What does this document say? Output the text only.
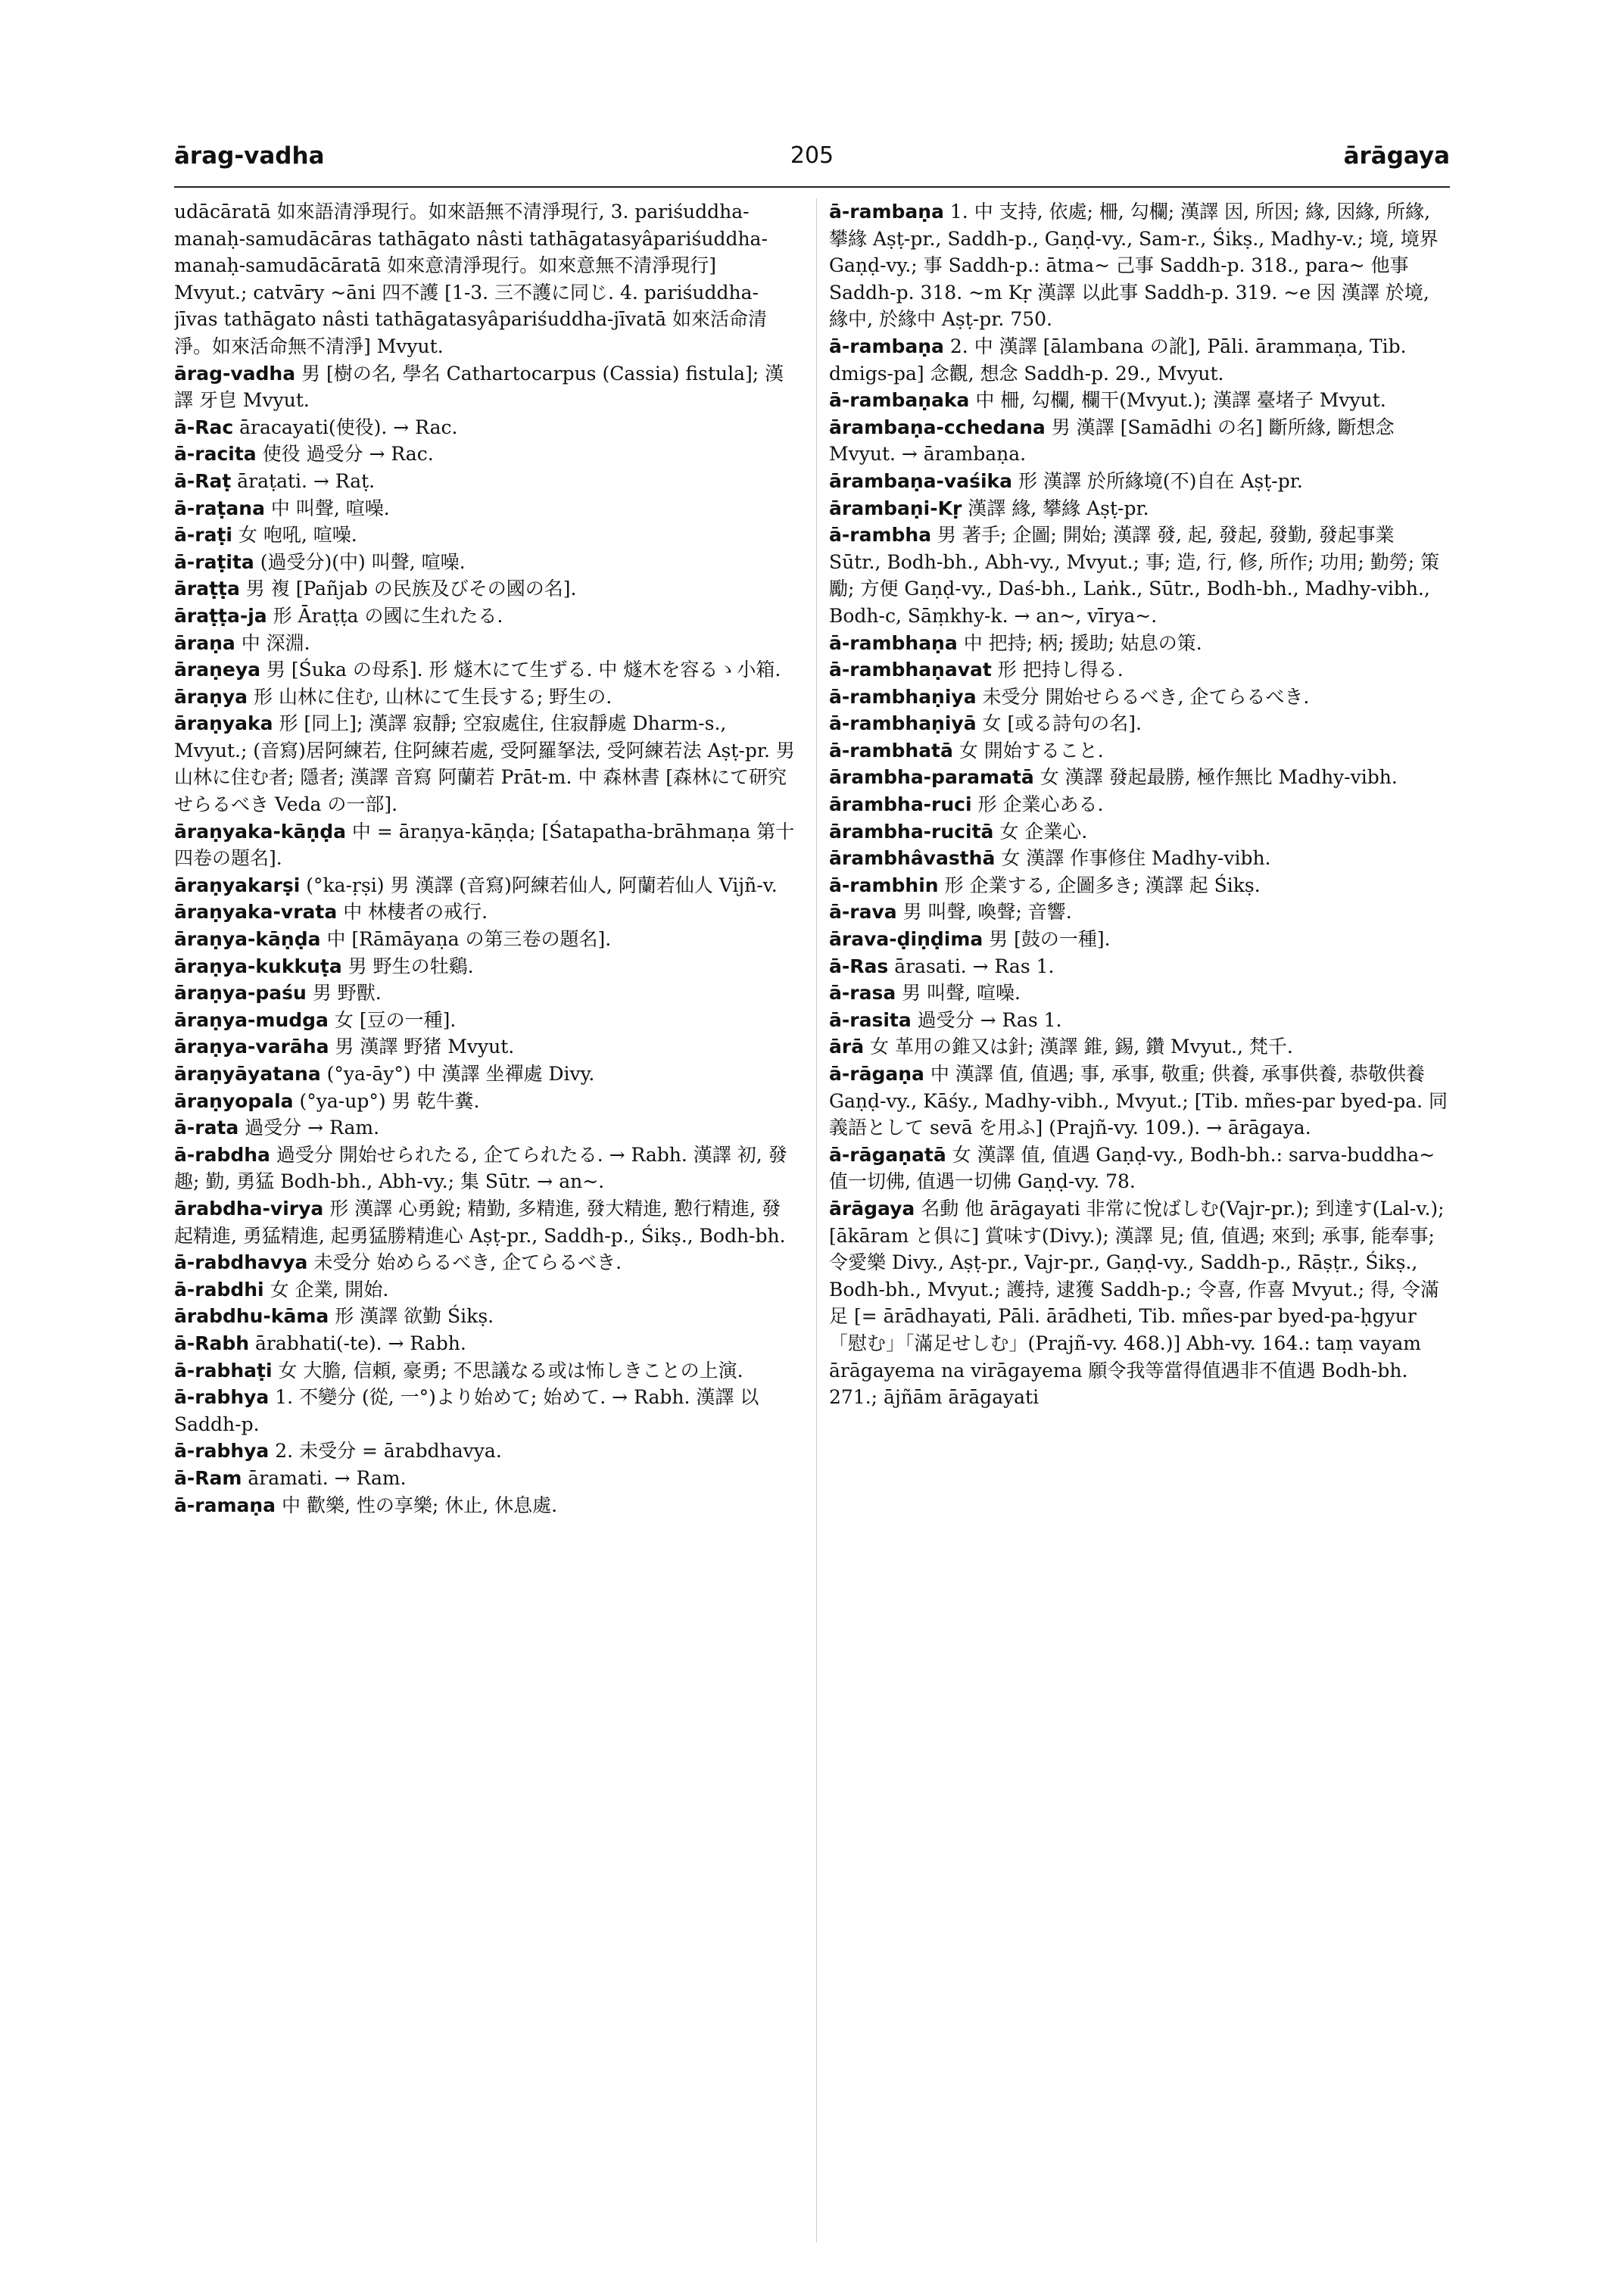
ārag-vadha	205	ārāgaya

udācāratā 如來語清淨現行。如來語無不清淨現行, 3. pariśuddha-manaḥ-samudācāras tathāgato nâsti tathāgatasyâpariśuddha-manaḥ-samudācāratā 如來意清淨現行。如來意無不清淨現行] Mvyut.; catvāry ~āni 四不護 [1-3. 三不護に同じ. 4. pariśuddha-jīvas tathāgato nâsti tathāgatasyâpariśuddha-jīvatā 如來活命清淨。如來活命無不清淨] Mvyut.

ārag-vadha 男 [樹の名, 學名 Cathartocarpus (Cassia) fistula]; 漢譯 牙皀 Mvyut.

ā-Rac āracayati(使役). → Rac.

ā-racita 使役 過受分 → Rac.

ā-Raṭ āraṭati. → Raṭ.

ā-raṭana 中 叫聲, 喧噪.

ā-raṭi 女 咆吼, 喧噪.

ā-raṭita (過受分)(中) 叫聲, 喧噪.

āraṭṭa 男 複 [Pañjab の民族及びその國の名].

āraṭṭa-ja 形 Āraṭṭa の國に生れたる.

āraṇa 中 深淵.

āraṇeya 男 [Śuka の母系]. 形 燧木にて生ずる. 中 燧木を容るゝ小箱.

āraṇya 形 山林に住む, 山林にて生長する; 野生の.

āraṇyaka 形 [同上]; 漢譯 寂靜; 空寂處住, 住寂靜處 Dharm-s., Mvyut.; (音寫)居阿練若, 住阿練若處, 受阿羅拏法, 受阿練若法 Aṣṭ-pr. 男 山林に住む者; 隱者; 漢譯 音寫 阿蘭若 Prāt-m. 中 森林書 [森林にて研究せらるべき Veda の一部].

āraṇyaka-kāṇḍa 中 = āraṇya-kāṇḍa; [Śatapatha-brāhmaṇa 第十四卷の題名].

āraṇyakarṣi (°ka-ṛṣi) 男 漢譯 (音寫)阿練若仙人, 阿蘭若仙人 Vijñ-v.

āraṇyaka-vrata 中 林棲者の戒行.

āraṇya-kāṇḍa 中 [Rāmāyaṇa の第三卷の題名].

āraṇya-kukkuṭa 男 野生の牡鷄.

āraṇya-paśu 男 野獸.

āraṇya-mudga 女 [豆の一種].

āraṇya-varāha 男 漢譯 野猪 Mvyut.

āraṇyāyatana (°ya-āy°) 中 漢譯 坐禪處 Divy.

āraṇyopala (°ya-up°) 男 乾牛糞.

ā-rata 過受分 → Ram.

ā-rabdha 過受分 開始せられたる, 企てられたる. → Rabh. 漢譯 初, 發趣; 勤, 勇猛 Bodh-bh., Abh-vy.; 集 Sūtr. → an~.

ārabdha-virya 形 漢譯 心勇銳; 精勤, 多精進, 發大精進, 懃行精進, 發起精進, 勇猛精進, 起勇猛勝精進心 Aṣṭ-pr., Saddh-p., Śikṣ., Bodh-bh.

ā-rabdhavya 未受分 始めらるべき, 企てらるべき.

ā-rabdhi 女 企業, 開始.

ārabdhu-kāma 形 漢譯 欲勤 Śikṣ.

ā-Rabh ārabhati(-te). → Rabh.

ā-rabhaṭi 女 大膽, 信頼, 豪勇; 不思議なる或は怖しきことの上演.

ā-rabhya 1. 不變分 (從, 一°)より始めて; 始めて. → Rabh. 漢譯 以 Saddh-p.

ā-rabhya 2. 未受分 = ārabdhavya.

ā-Ram āramati. → Ram.

ā-ramaṇa 中 歡樂, 性の享樂; 休止, 休息處.

ā-rambaṇa 1. 中 支持, 依處; 柵, 勾欄; 漢譯 因, 所因; 緣, 因緣, 所緣, 攀緣 Aṣṭ-pr., Saddh-p., Gaṇḍ-vy., Sam-r., Śikṣ., Madhy-v.; 境, 境界 Gaṇḍ-vy.; 事 Saddh-p.: ātma~ 己事 Saddh-p. 318., para~ 他事 Saddh-p. 318. ~m Kṛ 漢譯 以此事 Saddh-p. 319. ~e 因 漢譯 於境, 緣中, 於緣中 Aṣṭ-pr. 750.

ā-rambaṇa 2. 中 漢譯 [ālambana の訛], Pāli. ārammaṇa, Tib. dmigs-pa] 念觀, 想念 Saddh-p. 29., Mvyut.

ā-rambaṇaka 中 柵, 勾欄, 欄干(Mvyut.); 漢譯 臺堵子 Mvyut.

ārambaṇa-cchedana 男 漢譯 [Samādhi の名] 斷所緣, 斷想念 Mvyut. → ārambaṇa.

ārambaṇa-vaśika 形 漢譯 於所緣境(不)自在 Aṣṭ-pr.

ārambaṇi-Kṛ 漢譯 緣, 攀緣 Aṣṭ-pr.

ā-rambha 男 著手; 企圖; 開始; 漢譯 發, 起, 發起, 發勤, 發起事業 Sūtr., Bodh-bh., Abh-vy., Mvyut.; 事; 造, 行, 修, 所作; 功用; 勤勞; 策勵; 方便 Gaṇḍ-vy., Daś-bh., Laṅk., Sūtr., Bodh-bh., Madhy-vibh., Bodh-c, Sāṃkhy-k. → an~, vīrya~.

ā-rambhaṇa 中 把持; 柄; 援助; 姑息の策.

ā-rambhaṇavat 形 把持し得る.

ā-rambhaṇiya 未受分 開始せらるべき, 企てらるべき.

ā-rambhaṇiyā 女 [或る詩句の名].

ā-rambhatā 女 開始すること.

ārambha-paramatā 女 漢譯 發起最勝, 極作無比 Madhy-vibh.

ārambha-ruci 形 企業心ある.

ārambha-rucitā 女 企業心.

ārambhâvasthā 女 漢譯 作事修住 Madhy-vibh.

ā-rambhin 形 企業する, 企圖多き; 漢譯 起 Śikṣ.

ā-rava 男 叫聲, 喚聲; 音響.

ārava-ḍiṇḍima 男 [鼓の一種].

ā-Ras ārasati. → Ras 1.

ā-rasa 男 叫聲, 喧噪.

ā-rasita 過受分 → Ras 1.

ārā 女 革用の錐又は針; 漢譯 錐, 錫, 鑽 Mvyut., 梵千.

ā-rāgaṇa 中 漢譯 值, 值遇; 事, 承事, 敬重; 供養, 承事供養, 恭敬供養 Gaṇḍ-vy., Kāśy., Madhy-vibh., Mvyut.; [Tib. mñes-par byed-pa. 同義語として sevā を用ふ] (Prajñ-vy. 109.). → ārāgaya.

ā-rāgaṇatā 女 漢譯 值, 值遇 Gaṇḍ-vy., Bodh-bh.: sarva-buddha~ 值一切佛, 值遇一切佛 Gaṇḍ-vy. 78.

ārāgaya 名動 他 ārāgayati 非常に悅ばしむ(Vajr-pr.); 到達す(Lal-v.); [ākāram と俱に] 賞味す(Divy.); 漢譯 見; 值, 值遇; 來到; 承事, 能奉事; 令愛樂 Divy., Aṣṭ-pr., Vajr-pr., Gaṇḍ-vy., Saddh-p., Rāṣṭr., Śikṣ., Bodh-bh., Mvyut.; 護持, 逮獲 Saddh-p.; 令喜, 作喜 Mvyut.; 得, 令滿足 [= ārādhayati, Pāli. ārādheti, Tib. mñes-par byed-pa-ḥgyur「慰む」「滿足せしむ」(Prajñ-vy. 468.)] Abh-vy. 164.: taṃ vayam ārāgayema na virāgayema 願令我等當得值遇非不值遇 Bodh-bh. 271.; ājñām ārāgayati
